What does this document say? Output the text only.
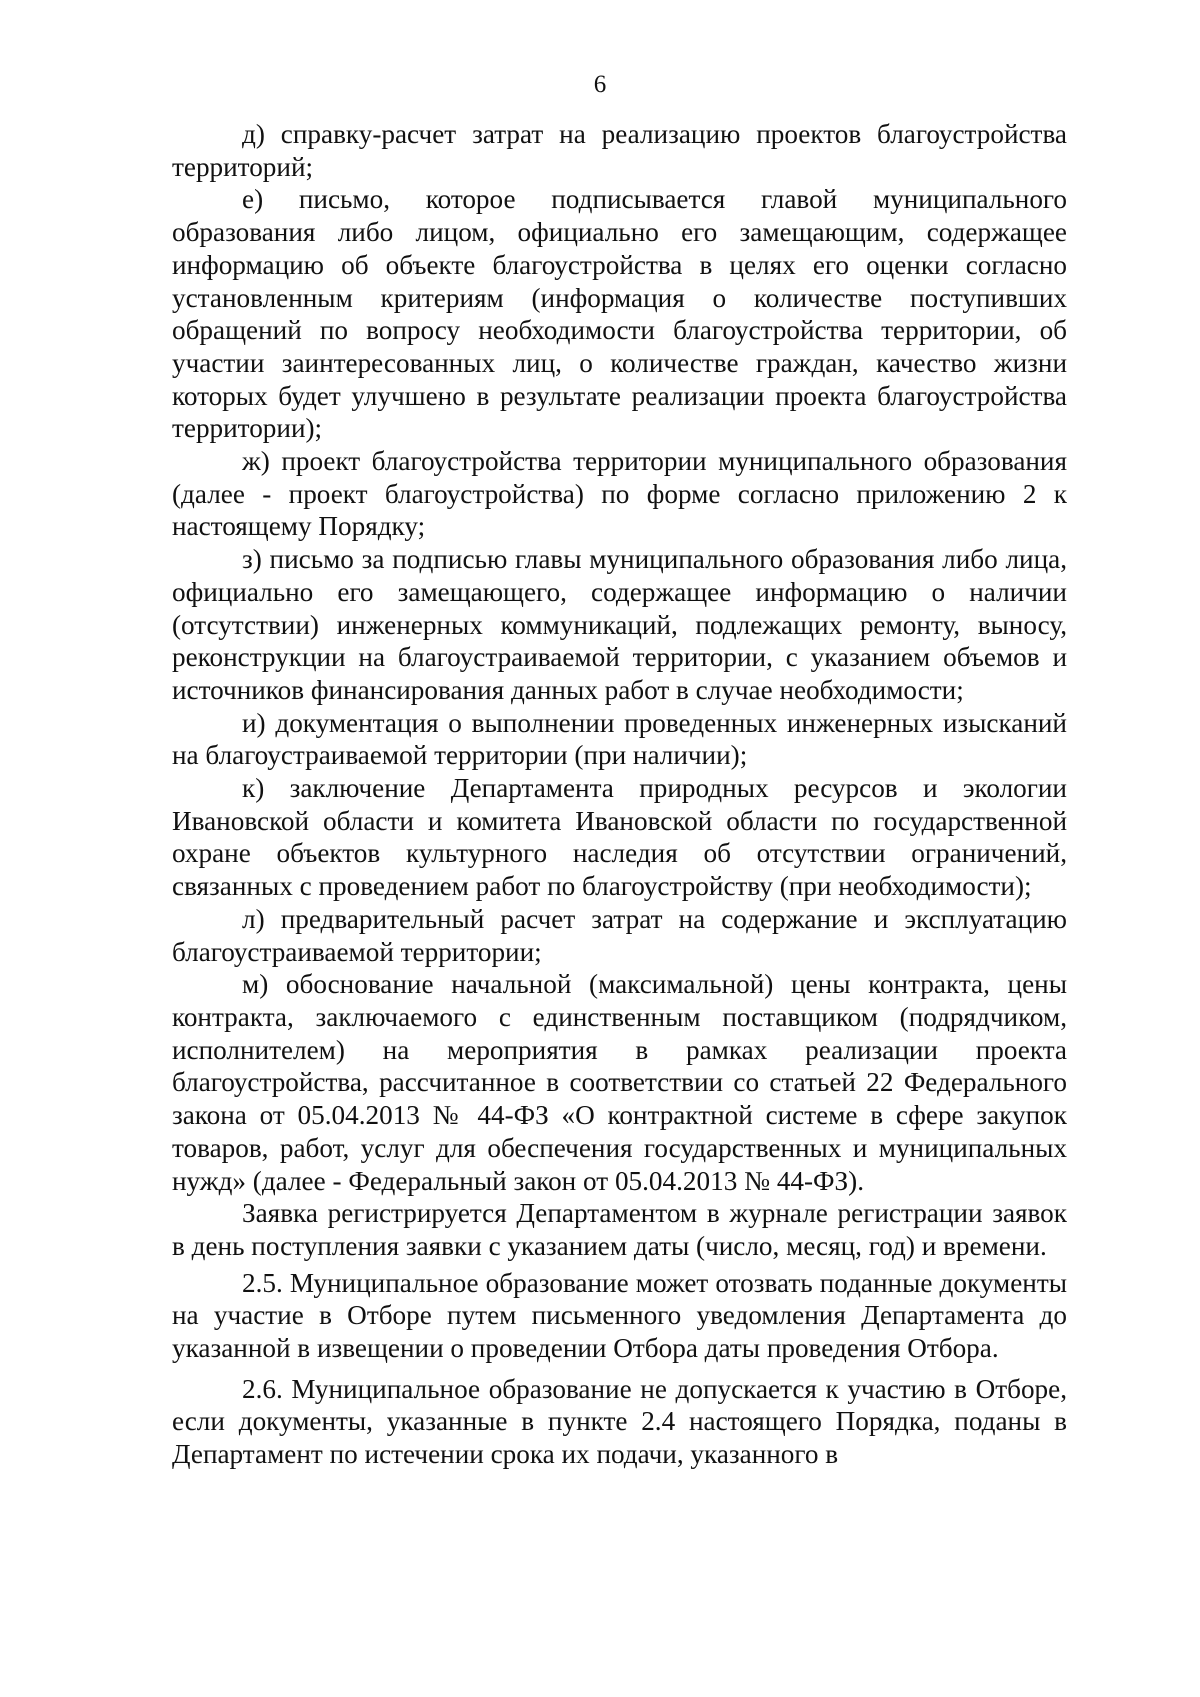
6

д) справку-расчет затрат на реализацию проектов благоустройства территорий;

е) письмо, которое подписывается главой муниципального образования либо лицом, официально его замещающим, содержащее информацию об объекте благоустройства в целях его оценки согласно установленным критериям (информация о количестве поступивших обращений по вопросу необходимости благоустройства территории, об участии заинтересованных лиц, о количестве граждан, качество жизни которых будет улучшено в результате реализации проекта благоустройства территории);

ж) проект благоустройства территории муниципального образования (далее - проект благоустройства) по форме согласно приложению 2 к настоящему Порядку;

з) письмо за подписью главы муниципального образования либо лица, официально его замещающего, содержащее информацию о наличии (отсутствии) инженерных коммуникаций, подлежащих ремонту, выносу, реконструкции на благоустраиваемой территории, с указанием объемов и источников финансирования данных работ в случае необходимости;

и) документация о выполнении проведенных инженерных изысканий на благоустраиваемой территории (при наличии);

к) заключение Департамента природных ресурсов и экологии Ивановской области и комитета Ивановской области по государственной охране объектов культурного наследия об отсутствии ограничений, связанных с проведением работ по благоустройству (при необходимости);

л) предварительный расчет затрат на содержание и эксплуатацию благоустраиваемой территории;

м) обоснование начальной (максимальной) цены контракта, цены контракта, заключаемого с единственным поставщиком (подрядчиком, исполнителем) на мероприятия в рамках реализации проекта благоустройства, рассчитанное в соответствии со статьей 22 Федерального закона от 05.04.2013 № 44-ФЗ «О контрактной системе в сфере закупок товаров, работ, услуг для обеспечения государственных и муниципальных нужд» (далее - Федеральный закон от 05.04.2013 № 44-ФЗ).

Заявка регистрируется Департаментом в журнале регистрации заявок в день поступления заявки с указанием даты (число, месяц, год) и времени.

2.5. Муниципальное образование может отозвать поданные документы на участие в Отборе путем письменного уведомления Департамента до указанной в извещении о проведении Отбора даты проведения Отбора.

2.6. Муниципальное образование не допускается к участию в Отборе, если документы, указанные в пункте 2.4 настоящего Порядка, поданы в Департамент по истечении срока их подачи, указанного в
